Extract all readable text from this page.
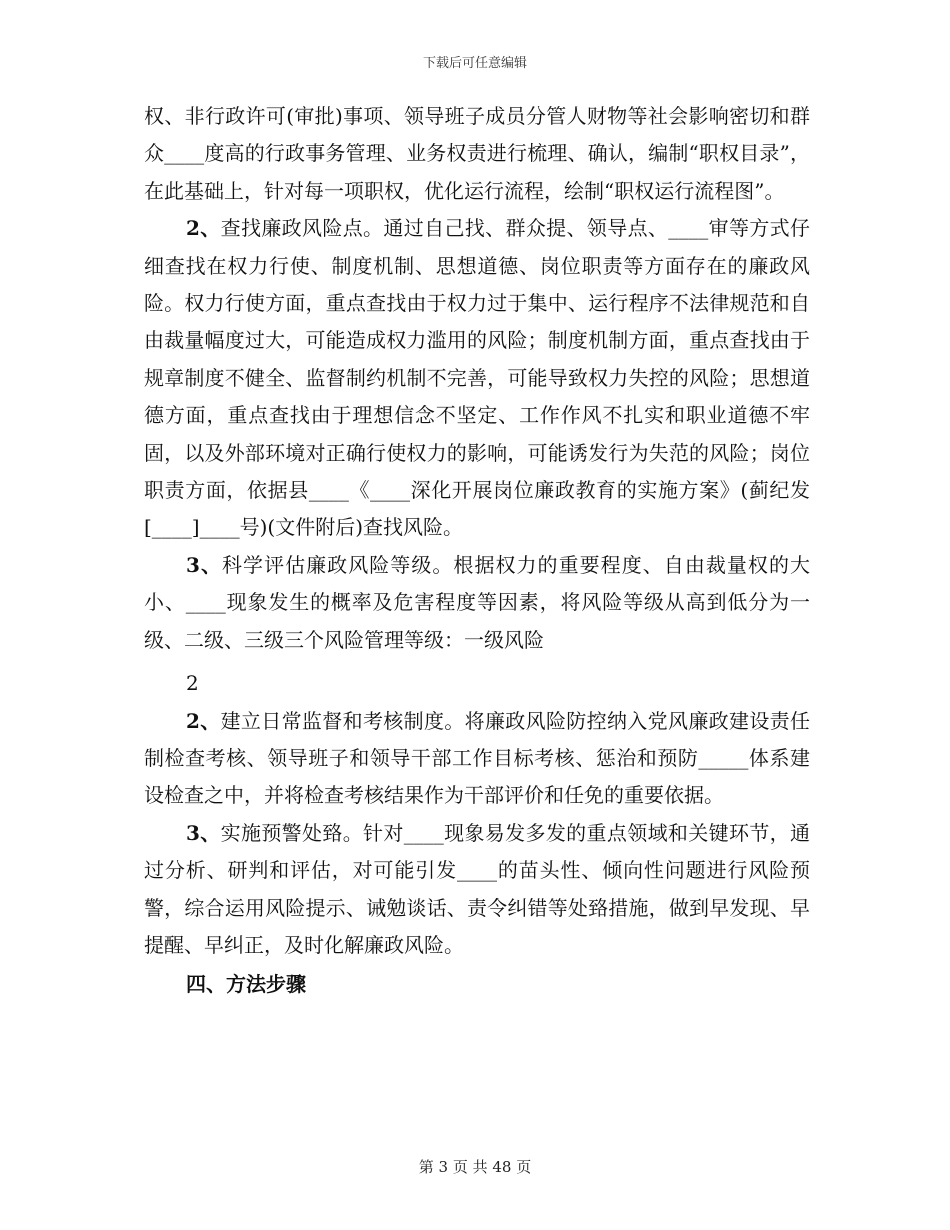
下载后可任意编辑

权、非行政许可(审批)事项、领导班子成员分管人财物等社会影响密切和群众____度高的行政事务管理、业务权责进行梳理、确认，编制“职权目录”，在此基础上，针对每一项职权，优化运行流程，绘制“职权运行流程图”。

2、查找廉政风险点。通过自己找、群众提、领导点、____审等方式仔细查找在权力行使、制度机制、思想道德、岗位职责等方面存在的廉政风险。权力行使方面，重点查找由于权力过于集中、运行程序不法律规范和自由裁量幅度过大，可能造成权力滥用的风险；制度机制方面，重点查找由于规章制度不健全、监督制约机制不完善，可能导致权力失控的风险；思想道德方面，重点查找由于理想信念不坚定、工作作风不扎实和职业道德不牢固，以及外部环境对正确行使权力的影响，可能诱发行为失范的风险；岗位职责方面，依据县____《____深化开展岗位廉政教育的实施方案》(蓟纪发[____]____号)(文件附后)查找风险。

3、科学评估廉政风险等级。根据权力的重要程度、自由裁量权的大小、____现象发生的概率及危害程度等因素，将风险等级从高到低分为一级、二级、三级三个风险管理等级：一级风险

2

2、建立日常监督和考核制度。将廉政风险防控纳入党风廉政建设责任制检查考核、领导班子和领导干部工作目标考核、惩治和预防_____体系建设检查之中，并将检查考核结果作为干部评价和任免的重要依据。

3、实施预警处臵。针对____现象易发多发的重点领域和关键环节，通过分析、研判和评估，对可能引发____的苗头性、倾向性问题进行风险预警，综合运用风险提示、诫勉谈话、责令纠错等处臵措施，做到早发现、早提醒、早纠正，及时化解廉政风险。

四、方法步骤

第 3 页 共 48 页
